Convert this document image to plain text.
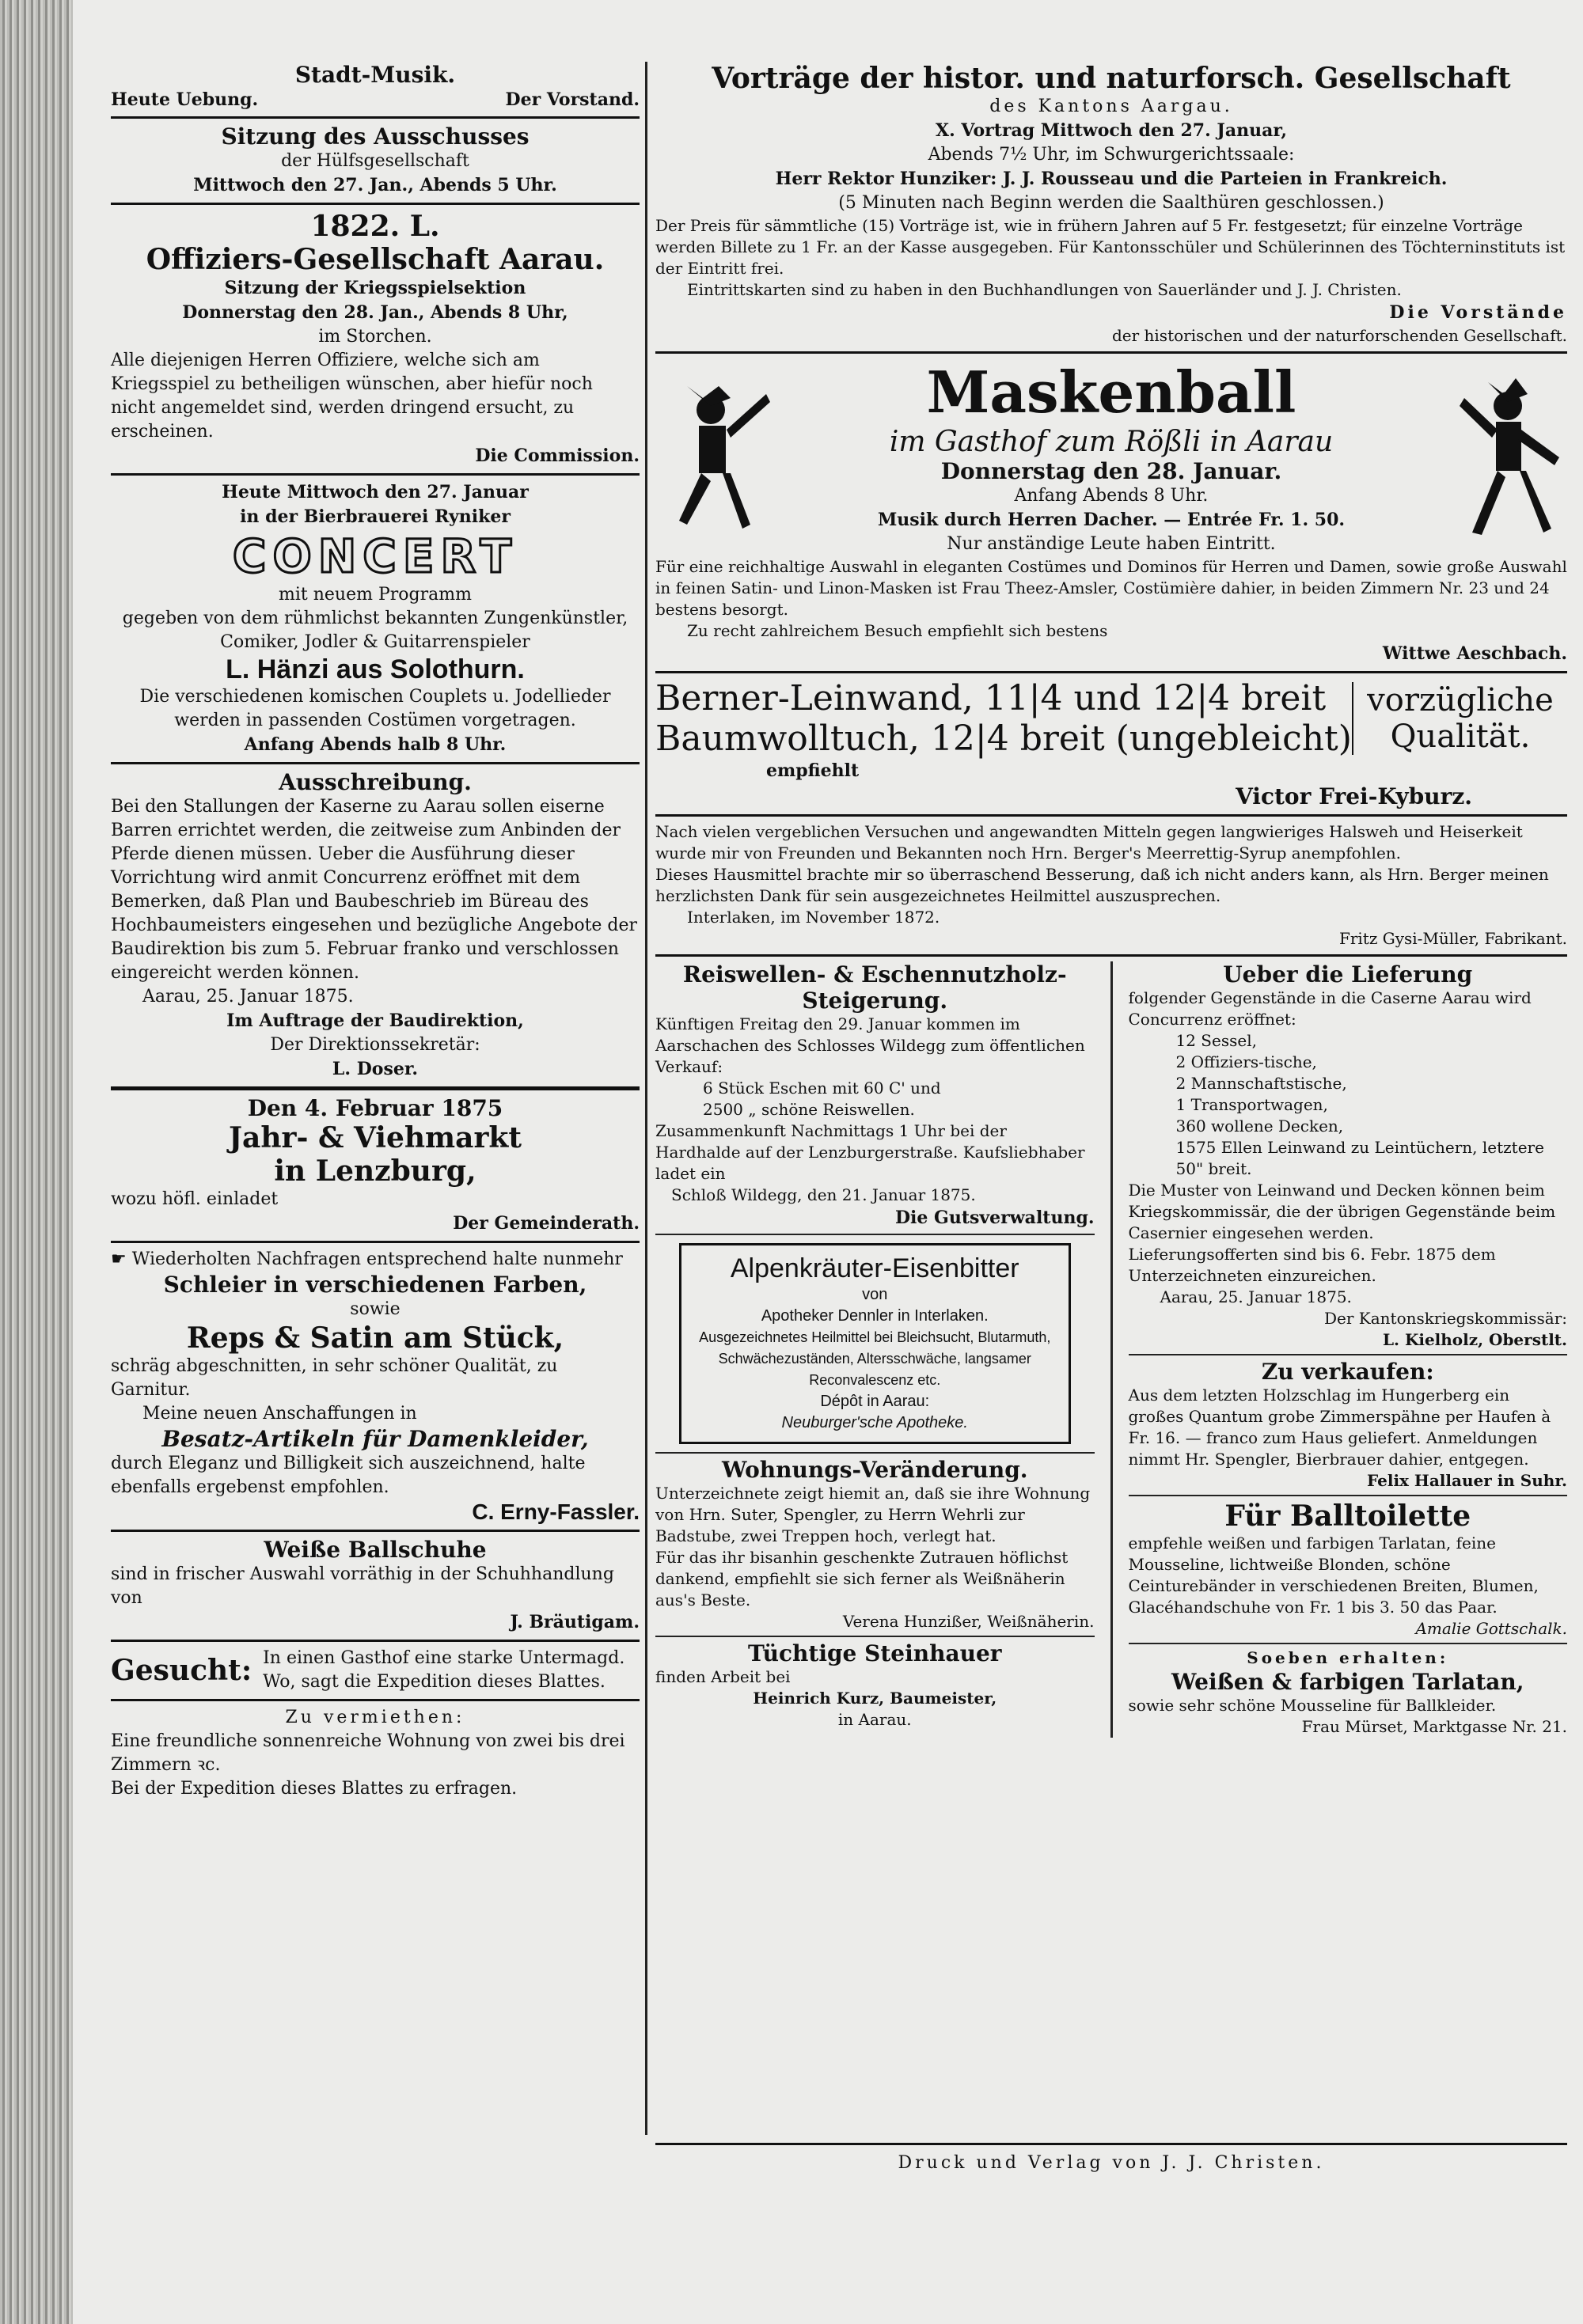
Stadt-Musik.
Heute Uebung.	Der Vorstand.
Sitzung des Ausschusses
der Hülfsgesellschaft
Mittwoch den 27. Jan., Abends 5 Uhr.
1822. L.
Offiziers-Gesellschaft Aarau.
Sitzung der Kriegsspielsektion
Donnerstag den 28. Jan., Abends 8 Uhr,
im Storchen.
Alle diejenigen Herren Offiziere, welche sich am Kriegsspiel zu betheiligen wünschen, aber hiefür noch nicht angemeldet sind, werden dringend ersucht, zu erscheinen.
Die Commission.
Heute Mittwoch den 27. Januar
in der Bierbrauerei Ryniker
CONCERT
mit neuem Programm
gegeben von dem rühmlichst bekannten Zungenkünstler, Comiker, Jodler & Guitarrenspieler
L. Hänzi aus Solothurn.
Die verschiedenen komischen Couplets u. Jodellieder werden in passenden Costümen vorgetragen.
Anfang Abends halb 8 Uhr.
Ausschreibung.
Bei den Stallungen der Kaserne zu Aarau sollen eiserne Barren errichtet werden, die zeitweise zum Anbinden der Pferde dienen müssen. Ueber die Ausführung dieser Vorrichtung wird anmit Concurrenz eröffnet mit dem Bemerken, daß Plan und Baubeschrieb im Büreau des Hochbaumeisters eingesehen und bezügliche Angebote der Baudirektion bis zum 5. Februar franko und verschlossen eingereicht werden können.
Aarau, 25. Januar 1875.
Im Auftrage der Baudirektion,
Der Direktionssekretär:
L. Doser.
Den 4. Februar 1875
Jahr- & Viehmarkt
in Lenzburg,
wozu höfl. einladet
Der Gemeinderath.
☛ Wiederholten Nachfragen entsprechend halte nunmehr
Schleier in verschiedenen Farben,
sowie
Reps & Satin am Stück,
schräg abgeschnitten, in sehr schöner Qualität, zu Garnitur.
Meine neuen Anschaffungen in
Besatz-Artikeln für Damenkleider,
durch Eleganz und Billigkeit sich auszeichnend, halte ebenfalls ergebenst empfohlen.
C. Erny-Fassler.
Weiße Ballschuhe
sind in frischer Auswahl vorräthig in der Schuhhandlung von
J. Bräutigam.
Gesucht: In einen Gasthof eine starke Untermagd. Wo, sagt die Expedition dieses Blattes.
Zu vermiethen:
Eine freundliche sonnenreiche Wohnung von zwei bis drei Zimmern ꝛc.
Bei der Expedition dieses Blattes zu erfragen.
Vorträge der histor. und naturforsch. Gesellschaft
des Kantons Aargau.
X. Vortrag Mittwoch den 27. Januar,
Abends 7½ Uhr, im Schwurgerichtssaale:
Herr Rektor Hunziker: J. J. Rousseau und die Parteien in Frankreich.
(5 Minuten nach Beginn werden die Saalthüren geschlossen.)
Der Preis für sämmtliche (15) Vorträge ist, wie in frühern Jahren auf 5 Fr. festgesetzt; für einzelne Vorträge werden Billete zu 1 Fr. an der Kasse ausgegeben. Für Kantonsschüler und Schülerinnen des Töchterninstituts ist der Eintritt frei.
Eintrittskarten sind zu haben in den Buchhandlungen von Sauerländer und J. J. Christen.
Die Vorstände
der historischen und der naturforschenden Gesellschaft.
Maskenball
im Gasthof zum Rößli in Aarau
Donnerstag den 28. Januar.
Anfang Abends 8 Uhr.
Musik durch Herren Dacher. — Entrée Fr. 1. 50.
Nur anständige Leute haben Eintritt.
Für eine reichhaltige Auswahl in eleganten Costümes und Dominos für Herren und Damen, sowie große Auswahl in feinen Satin- und Linon-Masken ist Frau Theez-Amsler, Costümière dahier, in beiden Zimmern Nr. 23 und 24 bestens besorgt.
Zu recht zahlreichem Besuch empfiehlt sich bestens
Wittwe Aeschbach.
Berner-Leinwand, 11|4 und 12|4 breit
Baumwolltuch, 12|4 breit (ungebleicht)
vorzügliche Qualität.
empfiehlt
Victor Frei-Kyburz.
Nach vielen vergeblichen Versuchen und angewandten Mitteln gegen langwieriges Halsweh und Heiserkeit wurde mir von Freunden und Bekannten noch Hrn. Berger's Meerrettig-Syrup anempfohlen.
Dieses Hausmittel brachte mir so überraschend Besserung, daß ich nicht anders kann, als Hrn. Berger meinen herzlichsten Dank für sein ausgezeichnetes Heilmittel auszusprechen.
Interlaken, im November 1872.
Fritz Gysi-Müller, Fabrikant.
Reiswellen- & Eschennutzholz-Steigerung.
Künftigen Freitag den 29. Januar kommen im Aarschachen des Schlosses Wildegg zum öffentlichen Verkauf:
6 Stück Eschen mit 60 C' und
2500 „ schöne Reiswellen.
Zusammenkunft Nachmittags 1 Uhr bei der Hardhalde auf der Lenzburgerstraße. Kaufsliebhaber ladet ein
Schloß Wildegg, den 21. Januar 1875.
Die Gutsverwaltung.
Alpenkräuter-Eisenbitter
von
Apotheker Dennler in Interlaken.
Ausgezeichnetes Heilmittel bei Bleichsucht, Blutarmuth, Schwächezuständen, Altersschwäche, langsamer Reconvalescenz etc.
Dépôt in Aarau:
Neuburger'sche Apotheke.
Wohnungs-Veränderung.
Unterzeichnete zeigt hiemit an, daß sie ihre Wohnung von Hrn. Suter, Spengler, zu Herrn Wehrli zur Badstube, zwei Treppen hoch, verlegt hat.
Für das ihr bisanhin geschenkte Zutrauen höflichst dankend, empfiehlt sie sich ferner als Weißnäherin aus's Beste.
Verena Hunzißer, Weißnäherin.
Tüchtige Steinhauer
finden Arbeit bei
Heinrich Kurz, Baumeister,
in Aarau.
Ueber die Lieferung
folgender Gegenstände in die Caserne Aarau wird Concurrenz eröffnet:
12 Sessel,
2 Offiziers-tische,
2 Mannschaftstische,
1 Transportwagen,
360 wollene Decken,
1575 Ellen Leinwand zu Leintüchern, letztere 50" breit.
Die Muster von Leinwand und Decken können beim Kriegskommissär, die der übrigen Gegenstände beim Casernier eingesehen werden.
Lieferungsofferten sind bis 6. Febr. 1875 dem Unterzeichneten einzureichen.
Aarau, 25. Januar 1875.
Der Kantonskriegskommissär:
L. Kielholz, Oberstlt.
Zu verkaufen:
Aus dem letzten Holzschlag im Hungerberg ein großes Quantum grobe Zimmerspähne per Haufen à Fr. 16. — franco zum Haus geliefert. Anmeldungen nimmt Hr. Spengler, Bierbrauer dahier, entgegen.
Felix Hallauer in Suhr.
Für Balltoilette
empfehle weißen und farbigen Tarlatan, feine Mousseline, lichtweiße Blonden, schöne Ceinturebänder in verschiedenen Breiten, Blumen, Glacéhandschuhe von Fr. 1 bis 3. 50 das Paar.
Amalie Gottschalk.
Soeben erhalten:
Weißen & farbigen Tarlatan,
sowie sehr schöne Mousseline für Ballkleider.
Frau Mürset, Marktgasse Nr. 21.
Druck und Verlag von J. J. Christen.
